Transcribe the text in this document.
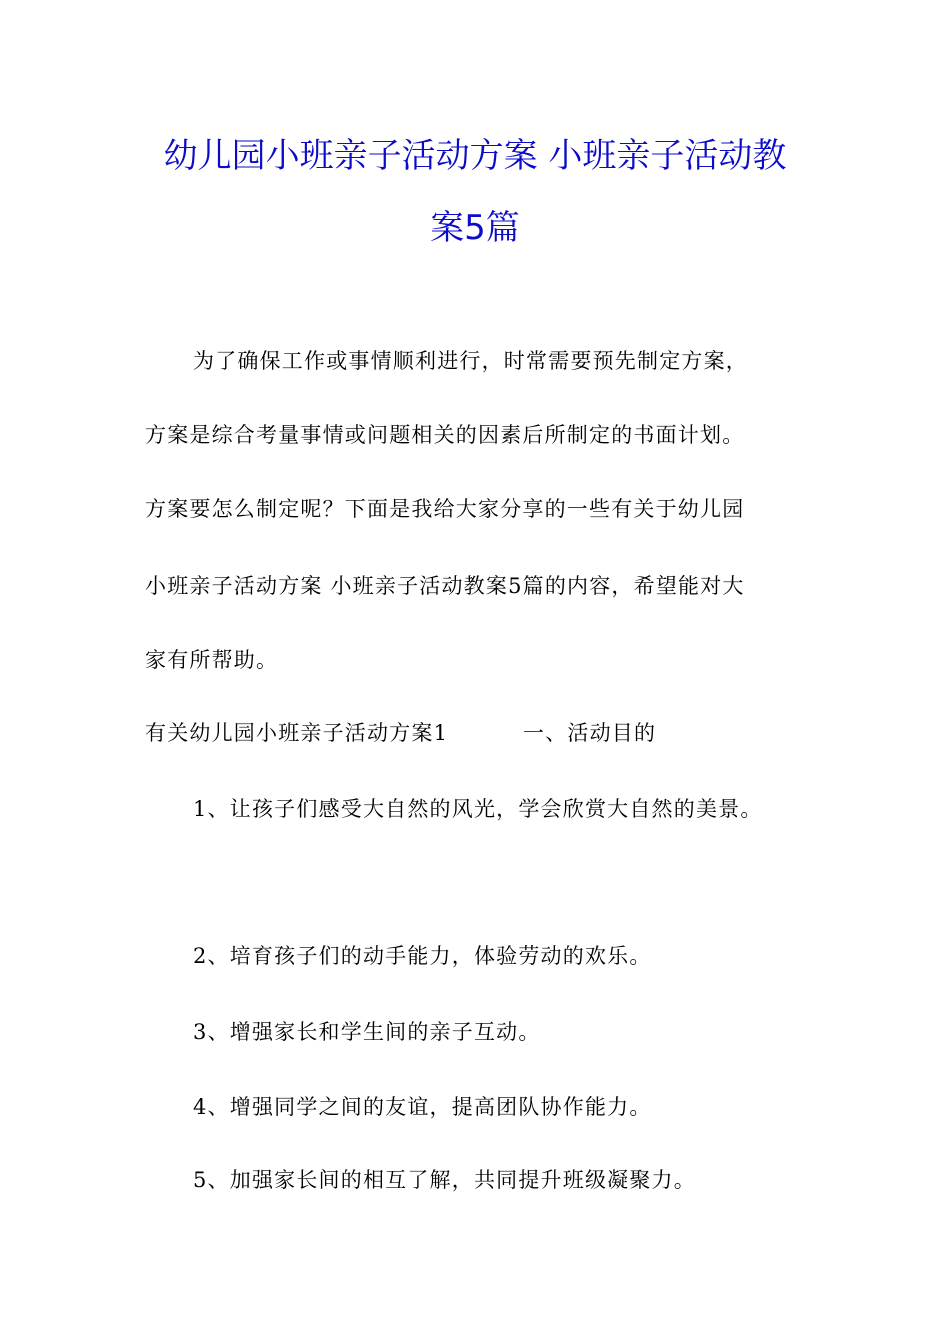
幼儿园小班亲子活动方案 小班亲子活动教
案5篇
为了确保工作或事情顺利进行，时常需要预先制定方案，
方案是综合考量事情或问题相关的因素后所制定的书面计划。
方案要怎么制定呢？下面是我给大家分享的一些有关于幼儿园
小班亲子活动方案 小班亲子活动教案5篇的内容，希望能对大
家有所帮助。
有关幼儿园小班亲子活动方案1	一、活动目的
1、让孩子们感受大自然的风光，学会欣赏大自然的美景。
2、培育孩子们的动手能力，体验劳动的欢乐。
3、增强家长和学生间的亲子互动。
4、增强同学之间的友谊，提高团队协作能力。
5、加强家长间的相互了解，共同提升班级凝聚力。
